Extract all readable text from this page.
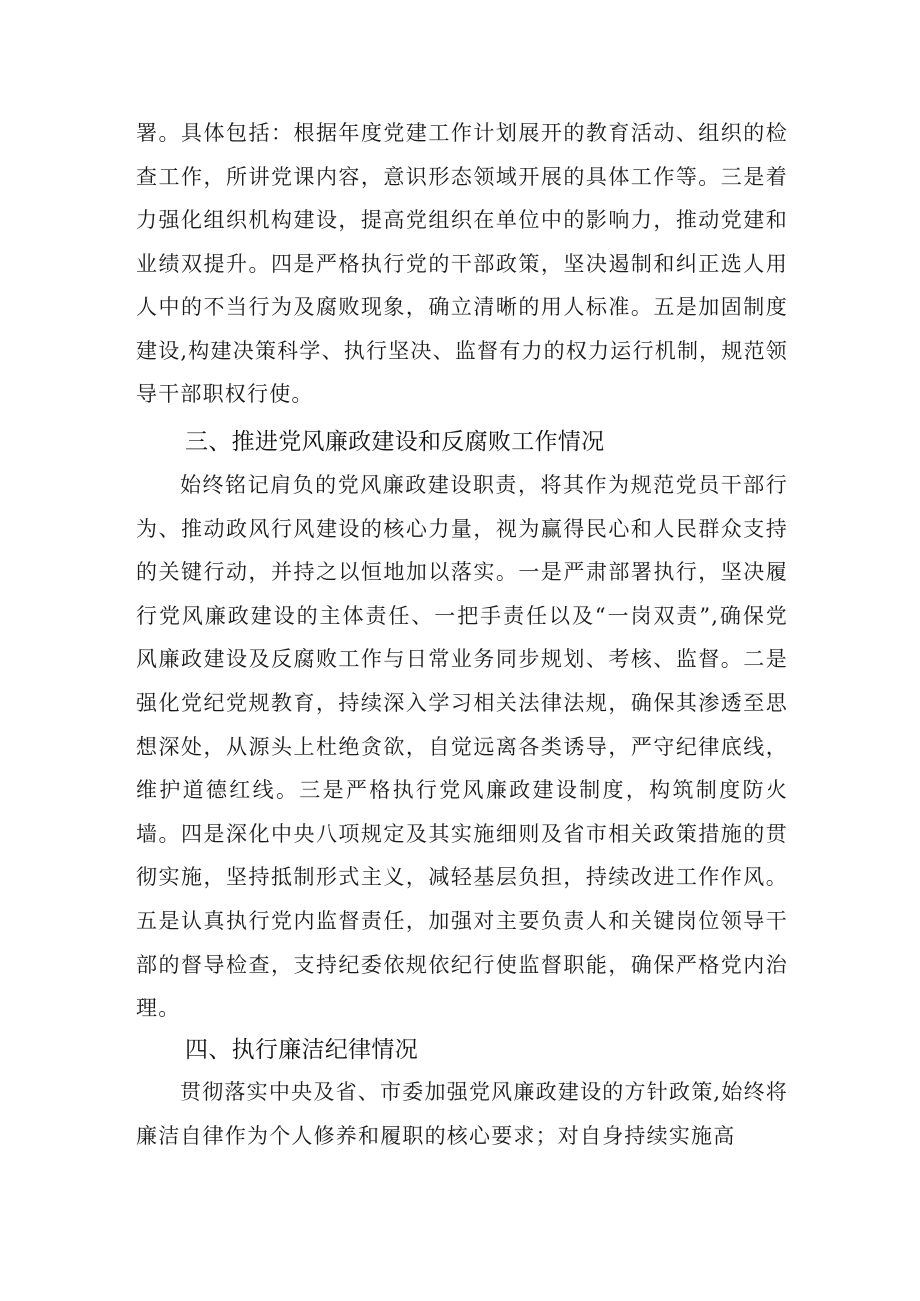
署。具体包括：根据年度党建工作计划展开的教育活动、组织的检查工作，所讲党课内容，意识形态领域开展的具体工作等。三是着力强化组织机构建设，提高党组织在单位中的影响力，推动党建和业绩双提升。四是严格执行党的干部政策，坚决遏制和纠正选人用人中的不当行为及腐败现象，确立清晰的用人标准。五是加固制度建设,构建决策科学、执行坚决、监督有力的权力运行机制，规范领导干部职权行使。
三、推进党风廉政建设和反腐败工作情况
始终铭记肩负的党风廉政建设职责，将其作为规范党员干部行为、推动政风行风建设的核心力量，视为赢得民心和人民群众支持的关键行动，并持之以恒地加以落实。一是严肃部署执行，坚决履行党风廉政建设的主体责任、一把手责任以及“一岗双责”,确保党风廉政建设及反腐败工作与日常业务同步规划、考核、监督。二是强化党纪党规教育，持续深入学习相关法律法规，确保其渗透至思想深处，从源头上杜绝贪欲，自觉远离各类诱导，严守纪律底线，维护道德红线。三是严格执行党风廉政建设制度，构筑制度防火墙。四是深化中央八项规定及其实施细则及省市相关政策措施的贯彻实施，坚持抵制形式主义，减轻基层负担，持续改进工作作风。五是认真执行党内监督责任，加强对主要负责人和关键岗位领导干部的督导检查，支持纪委依规依纪行使监督职能，确保严格党内治理。
四、执行廉洁纪律情况
贯彻落实中央及省、市委加强党风廉政建设的方针政策,始终将廉洁自律作为个人修养和履职的核心要求；对自身持续实施高
